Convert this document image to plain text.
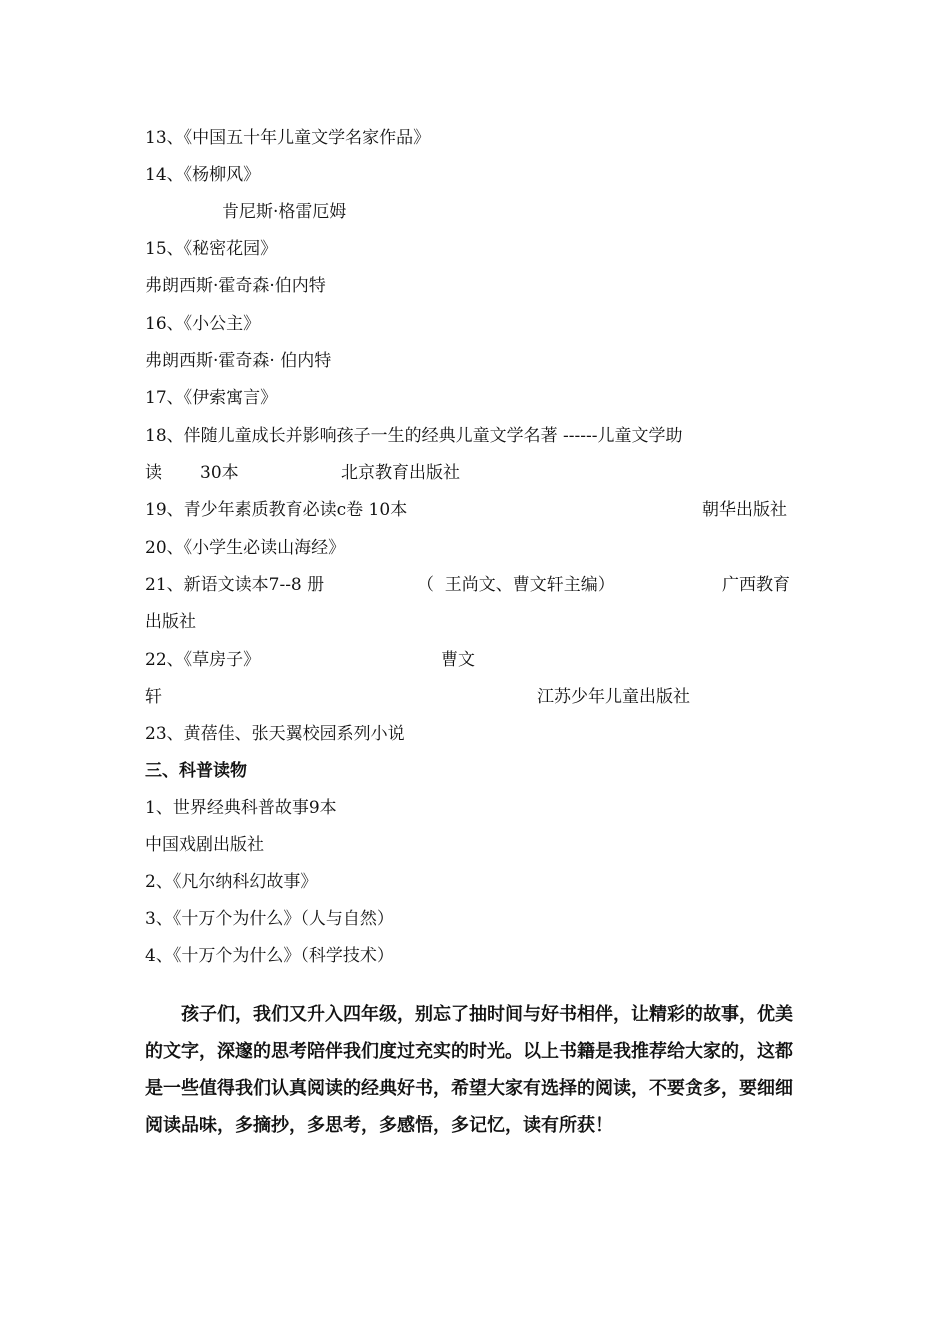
13、《中国五十年儿童文学名家作品》
14、《杨柳风》
肯尼斯·格雷厄姆
15、《秘密花园》
弗朗西斯·霍奇森·伯内特
16、《小公主》
弗朗西斯·霍奇森· 伯内特
17、《伊索寓言》
18、伴随儿童成长并影响孩子一生的经典儿童文学名著 ------儿童文学助
读 30本	北京教育出版社
19、青少年素质教育必读c卷 10本	朝华出版社
20、《小学生必读山海经》
21、新语文读本7--8 册	（  王尚文、曹文轩主编）	广西教育
出版社
22、《草房子》	曹文
轩	江苏少年儿童出版社
23、黄蓓佳、张天翼校园系列小说
三、科普读物
1、世界经典科普故事9本
中国戏剧出版社
2、《凡尔纳科幻故事》
3、《十万个为什么》（人与自然）
4、《十万个为什么》（科学技术）
孩子们，我们又升入四年级，别忘了抽时间与好书相伴，让精彩的故事，优美的文字，深邃的思考陪伴我们度过充实的时光。以上书籍是我推荐给大家的，这都是一些值得我们认真阅读的经典好书，希望大家有选择的阅读，不要贪多，要细细阅读品味，多摘抄，多思考，多感悟，多记忆，读有所获！
